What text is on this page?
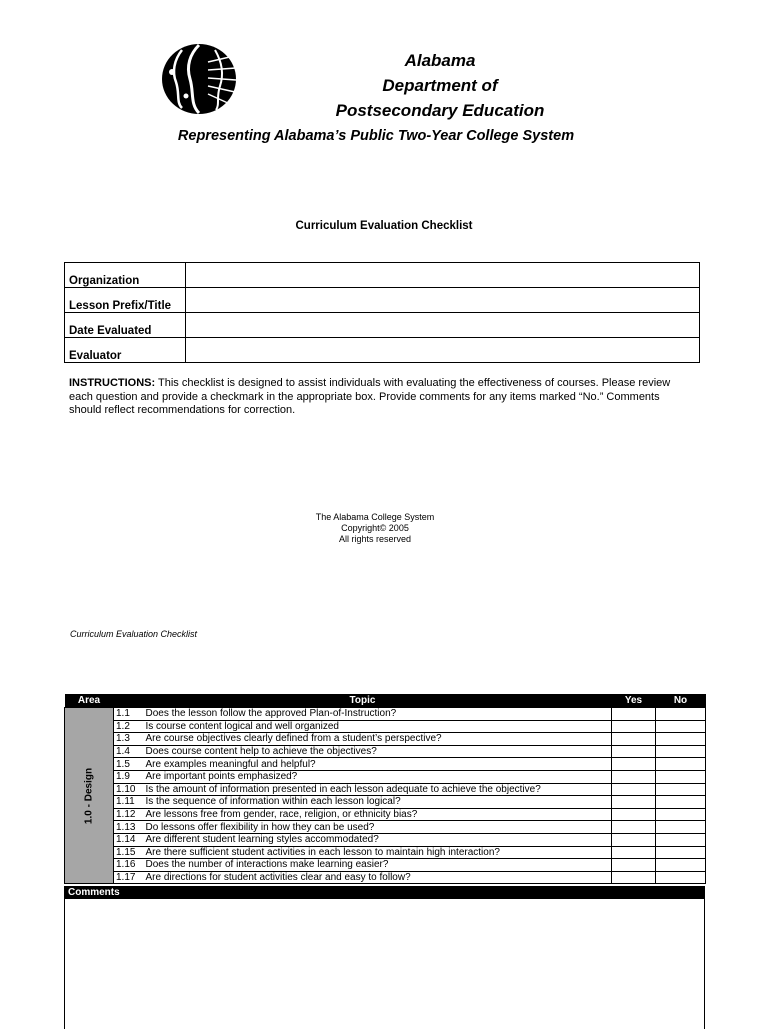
Alabama
Department of
Postsecondary Education
Representing Alabama’s Public Two-Year College System
Curriculum Evaluation Checklist
Organization	
Lesson Prefix/Title	
Date Evaluated	
Evaluator	
INSTRUCTIONS: This checklist is designed to assist individuals with evaluating the effectiveness of courses. Please review each question and provide a checkmark in the appropriate box. Provide comments for any items marked “No.” Comments should reflect recommendations for correction.
The Alabama College System
Copyright© 2005
All rights reserved
Curriculum Evaluation Checklist
Area	Topic		Yes	No

1.0 - Design	1.1	Does the lesson follow the approved Plan-of-Instruction?		
	1.2	Is course content logical and well organized		
	1.3	Are course objectives clearly defined from a student’s perspective?		
	1.4	Does course content help to achieve the objectives?		
	1.5	Are examples meaningful and helpful?		
	1.9	Are important points emphasized?		
	1.10	Is the amount of information presented in each lesson adequate to achieve the objective?		
	1.11	Is the sequence of information within each lesson logical?		
	1.12	Are lessons free from gender, race, religion, or ethnicity bias?		
	1.13	Do lessons offer flexibility in how they can be used?		
	1.14	Are different student learning styles accommodated?		
	1.15	Are there sufficient student activities in each lesson to maintain high interaction?		
	1.16	Does the number of interactions make learning easier?		
	1.17	Are directions for student activities clear and easy to follow?		
Comments
